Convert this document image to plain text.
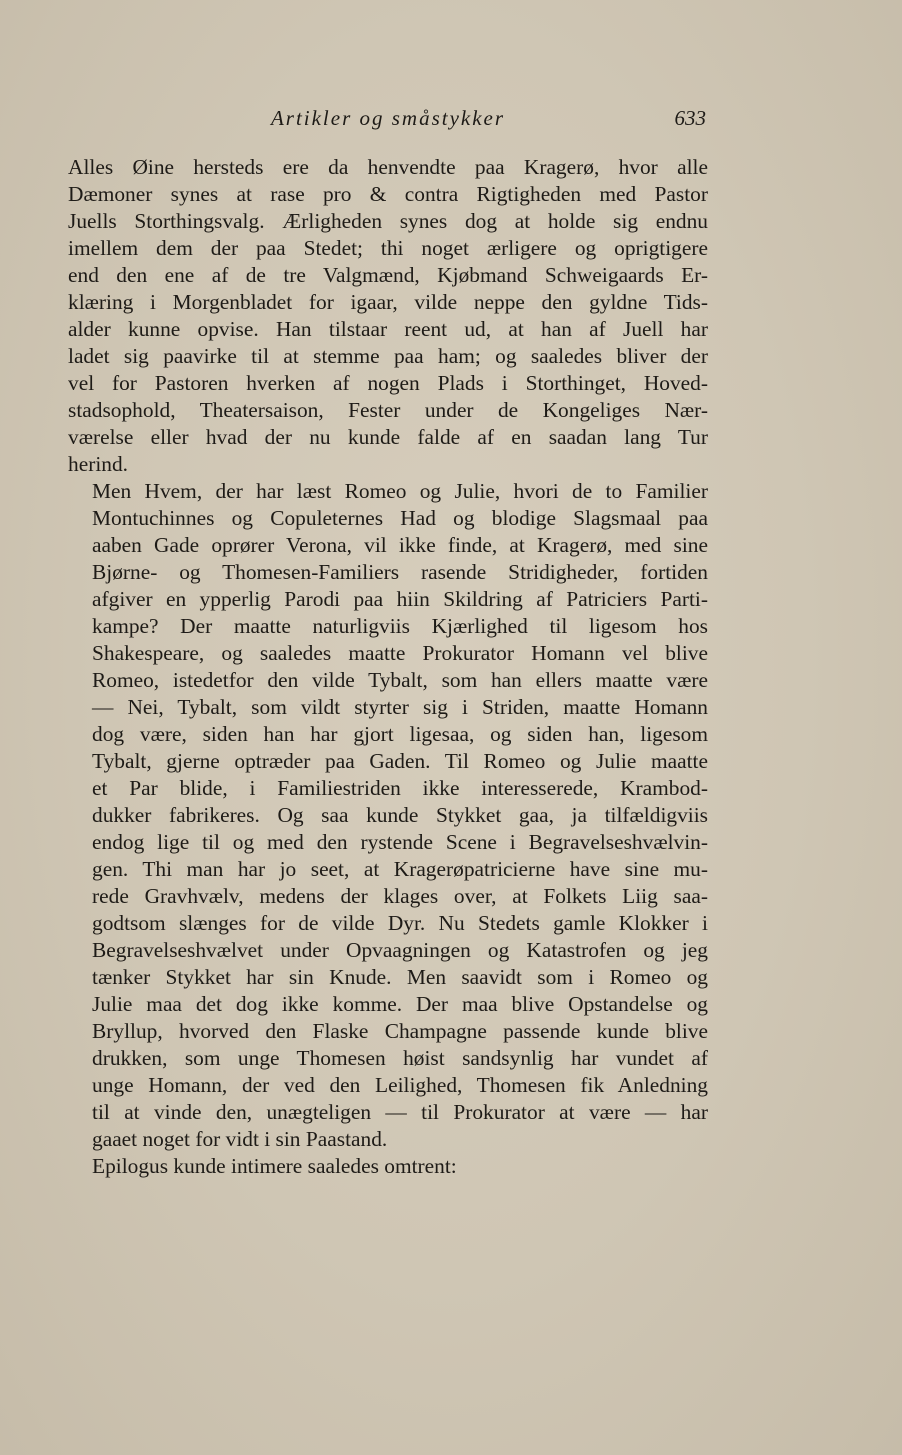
Artikler og småstykker	633

Alles Øine hersteds ere da henvendte paa Kragerø, hvor alle
Dæmoner synes at rase pro & contra Rigtigheden med Pastor
Juells Storthingsvalg. Ærligheden synes dog at holde sig endnu
imellem dem der paa Stedet; thi noget ærligere og oprigtigere
end den ene af de tre Valgmænd, Kjøbmand Schweigaards Er-
klæring i Morgenbladet for igaar, vilde neppe den gyldne Tids-
alder kunne opvise. Han tilstaar reent ud, at han af Juell har
ladet sig paavirke til at stemme paa ham; og saaledes bliver der
vel for Pastoren hverken af nogen Plads i Storthinget, Hoved-
stadsophold, Theatersaison, Fester under de Kongeliges Nær-
værelse eller hvad der nu kunde falde af en saadan lang Tur
herind.

Men Hvem, der har læst Romeo og Julie, hvori de to Familier
Montuchinnes og Copuleternes Had og blodige Slagsmaal paa
aaben Gade oprører Verona, vil ikke finde, at Kragerø, med sine
Bjørne- og Thomesen-Familiers rasende Stridigheder, fortiden
afgiver en ypperlig Parodi paa hiin Skildring af Patriciers Parti-
kampe? Der maatte naturligviis Kjærlighed til ligesom hos
Shakespeare, og saaledes maatte Prokurator Homann vel blive
Romeo, istedetfor den vilde Tybalt, som han ellers maatte være
— Nei, Tybalt, som vildt styrter sig i Striden, maatte Homann
dog være, siden han har gjort ligesaa, og siden han, ligesom
Tybalt, gjerne optræder paa Gaden. Til Romeo og Julie maatte
et Par blide, i Familiestriden ikke interesserede, Krambod-
dukker fabrikeres. Og saa kunde Stykket gaa, ja tilfældigviis
endog lige til og med den rystende Scene i Begravelseshvælvin-
gen. Thi man har jo seet, at Kragerøpatricierne have sine mu-
rede Gravhvælv, medens der klages over, at Folkets Liig saa-
godtsom slænges for de vilde Dyr. Nu Stedets gamle Klokker i
Begravelseshvælvet under Opvaagningen og Katastrofen og jeg
tænker Stykket har sin Knude. Men saavidt som i Romeo og
Julie maa det dog ikke komme. Der maa blive Opstandelse og
Bryllup, hvorved den Flaske Champagne passende kunde blive
drukken, som unge Thomesen høist sandsynlig har vundet af
unge Homann, der ved den Leilighed, Thomesen fik Anledning
til at vinde den, unægteligen — til Prokurator at være — har
gaaet noget for vidt i sin Paastand.

Epilogus kunde intimere saaledes omtrent:
